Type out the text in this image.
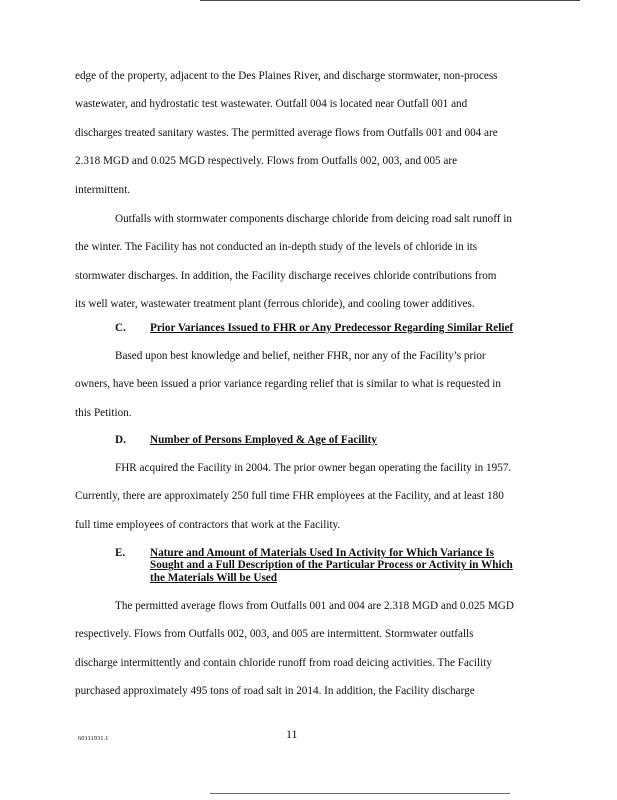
edge of the property, adjacent to the Des Plaines River, and discharge stormwater, non-process
wastewater, and hydrostatic test wastewater. Outfall 004 is located near Outfall 001 and
discharges treated sanitary wastes. The permitted average flows from Outfalls 001 and 004 are
2.318 MGD and 0.025 MGD respectively. Flows from Outfalls 002, 003, and 005 are
intermittent.
Outfalls with stormwater components discharge chloride from deicing road salt runoff in
the winter. The Facility has not conducted an in-depth study of the levels of chloride in its
stormwater discharges. In addition, the Facility discharge receives chloride contributions from
its well water, wastewater treatment plant (ferrous chloride), and cooling tower additives.
C. Prior Variances Issued to FHR or Any Predecessor Regarding Similar Relief
Based upon best knowledge and belief, neither FHR, nor any of the Facility’s prior
owners, have been issued a prior variance regarding relief that is similar to what is requested in
this Petition.
D. Number of Persons Employed & Age of Facility
FHR acquired the Facility in 2004. The prior owner began operating the facility in 1957.
Currently, there are approximately 250 full time FHR employees at the Facility, and at least 180
full time employees of contractors that work at the Facility.
E. Nature and Amount of Materials Used In Activity for Which Variance Is
Sought and a Full Description of the Particular Process or Activity in Which
the Materials Will be Used
The permitted average flows from Outfalls 001 and 004 are 2.318 MGD and 0.025 MGD
respectively. Flows from Outfalls 002, 003, and 005 are intermittent. Stormwater outfalls
discharge intermittently and contain chloride runoff from road deicing activities. The Facility
purchased approximately 495 tons of road salt in 2014. In addition, the Facility discharge
60111931.1	11
